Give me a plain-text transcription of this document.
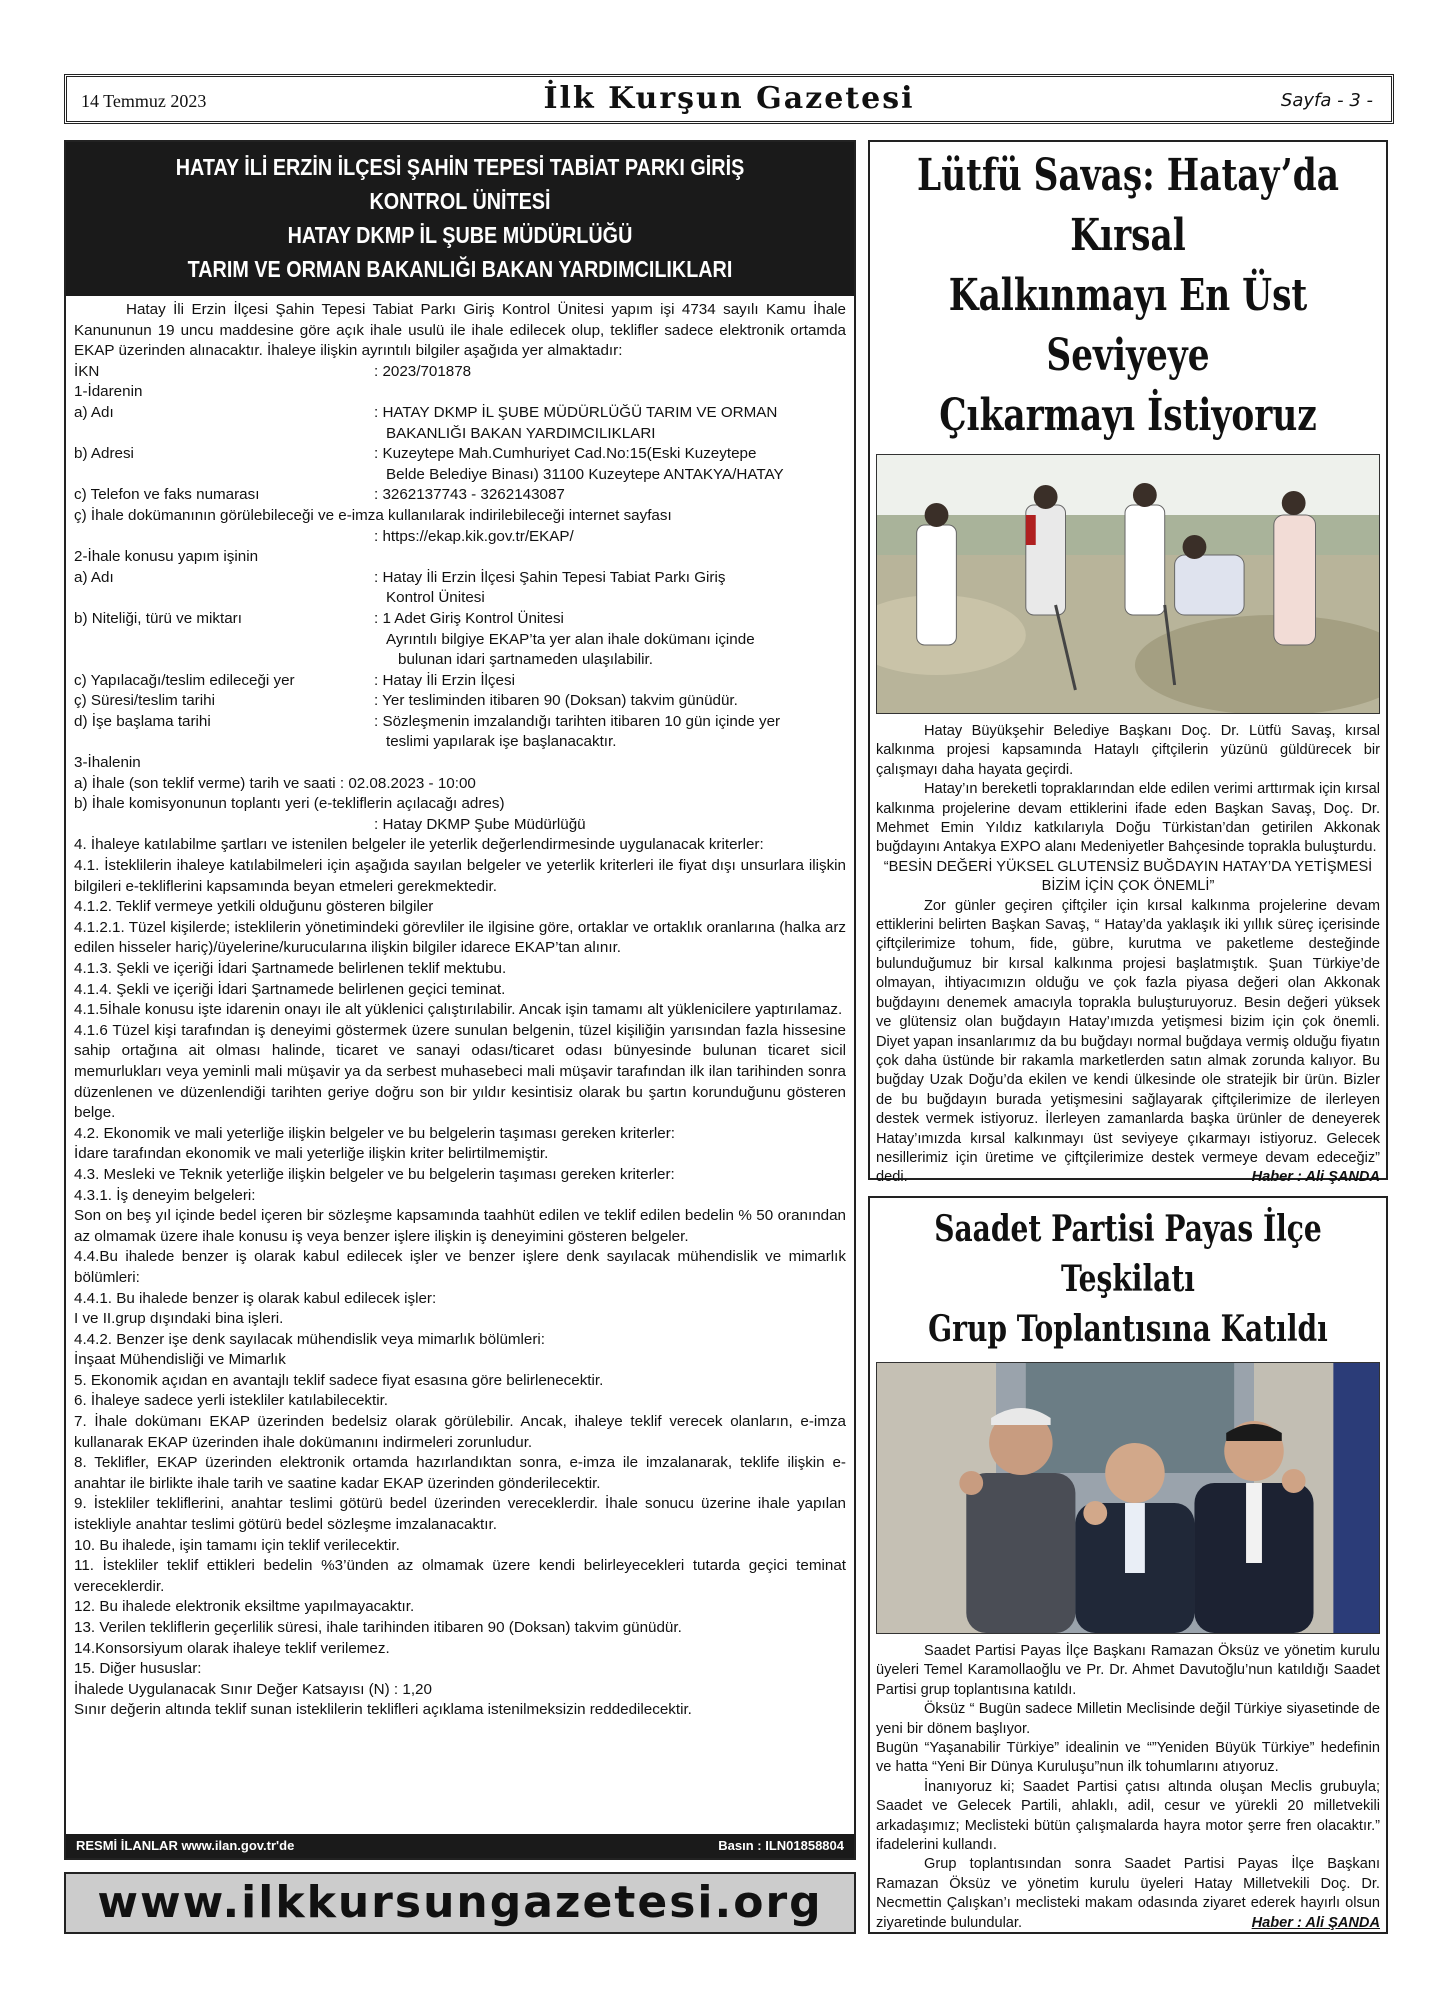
14 Temmuz 2023	İlk Kurşun Gazetesi	Sayfa - 3 -
HATAY İLİ ERZİN İLÇESİ ŞAHİN TEPESİ TABİAT PARKI GİRİŞ KONTROL ÜNİTESİ
HATAY DKMP İL ŞUBE MÜDÜRLÜĞÜ
TARIM VE ORMAN BAKANLIĞI BAKAN YARDIMCILIKLARI

Hatay İli Erzin İlçesi Şahin Tepesi Tabiat Parkı Giriş Kontrol Ünitesi yapım işi 4734 sayılı Kamu İhale Kanununun 19 uncu maddesine göre açık ihale usulü ile ihale edilecek olup, teklifler sadece elektronik ortamda EKAP üzerinden alınacaktır. İhaleye ilişkin ayrıntılı bilgiler aşağıda yer almaktadır:

İKN	: 2023/701878

1-İdarenin

a) Adı	: HATAY DKMP İL ŞUBE MÜDÜRLÜĞÜ TARIM VE ORMAN

BAKANLIĞI BAKAN YARDIMCILIKLARI

b) Adresi	: Kuzeytepe Mah.Cumhuriyet Cad.No:15(Eski Kuzeytepe

Belde Belediye Binası) 31100 Kuzeytepe ANTAKYA/HATAY

c) Telefon ve faks numarası	: 3262137743 - 3262143087

ç) İhale dokümanının görülebileceği ve e-imza kullanılarak indirilebileceği internet sayfası

: https://ekap.kik.gov.tr/EKAP/

2-İhale konusu yapım işinin

a) Adı	: Hatay İli Erzin İlçesi Şahin Tepesi Tabiat Parkı Giriş

Kontrol Ünitesi

b) Niteliği, türü ve miktarı	: 1 Adet Giriş Kontrol Ünitesi

Ayrıntılı bilgiye EKAP’ta yer alan ihale dokümanı içinde

bulunan idari şartnameden ulaşılabilir.

c) Yapılacağı/teslim edileceği yer	: Hatay İli Erzin İlçesi
ç) Süresi/teslim tarihi	: Yer tesliminden itibaren 90 (Doksan) takvim günüdür.
d) İşe başlama tarihi	: Sözleşmenin imzalandığı tarihten itibaren 10 gün içinde yer

teslimi yapılarak işe başlanacaktır.

3-İhalenin

a) İhale (son teklif verme) tarih ve saati : 02.08.2023 - 10:00

b) İhale komisyonunun toplantı yeri (e-tekliflerin açılacağı adres)

: Hatay DKMP Şube Müdürlüğü

4. İhaleye katılabilme şartları ve istenilen belgeler ile yeterlik değerlendirmesinde uygulanacak kriterler:

4.1. İsteklilerin ihaleye katılabilmeleri için aşağıda sayılan belgeler ve yeterlik kriterleri ile fiyat dışı unsurlara ilişkin bilgileri e-tekliflerini kapsamında beyan etmeleri gerekmektedir.

4.1.2. Teklif vermeye yetkili olduğunu gösteren bilgiler

4.1.2.1. Tüzel kişilerde; isteklilerin yönetimindeki görevliler ile ilgisine göre, ortaklar ve ortaklık oranlarına (halka arz edilen hisseler hariç)/üyelerine/kurucularına ilişkin bilgiler idarece EKAP’tan alınır.

4.1.3. Şekli ve içeriği İdari Şartnamede belirlenen teklif mektubu.

4.1.4. Şekli ve içeriği İdari Şartnamede belirlenen geçici teminat.

4.1.5İhale konusu işte idarenin onayı ile alt yüklenici çalıştırılabilir. Ancak işin tamamı alt yüklenicilere yaptırılamaz.

4.1.6 Tüzel kişi tarafından iş deneyimi göstermek üzere sunulan belgenin, tüzel kişiliğin yarısından fazla hissesine sahip ortağına ait olması halinde, ticaret ve sanayi odası/ticaret odası bünyesinde bulunan ticaret sicil memurlukları veya yeminli mali müşavir ya da serbest muhasebeci mali müşavir tarafından ilk ilan tarihinden sonra düzenlenen ve düzenlendiği tarihten geriye doğru son bir yıldır kesintisiz olarak bu şartın korunduğunu gösteren belge.

4.2. Ekonomik ve mali yeterliğe ilişkin belgeler ve bu belgelerin taşıması gereken kriterler:

İdare tarafından ekonomik ve mali yeterliğe ilişkin kriter belirtilmemiştir.

4.3. Mesleki ve Teknik yeterliğe ilişkin belgeler ve bu belgelerin taşıması gereken kriterler:

4.3.1. İş deneyim belgeleri:

Son on beş yıl içinde bedel içeren bir sözleşme kapsamında taahhüt edilen ve teklif edilen bedelin % 50 oranından az olmamak üzere ihale konusu iş veya benzer işlere ilişkin iş deneyimini gösteren belgeler.

4.4.Bu ihalede benzer iş olarak kabul edilecek işler ve benzer işlere denk sayılacak mühendislik ve mimarlık bölümleri:

4.4.1. Bu ihalede benzer iş olarak kabul edilecek işler:

I ve II.grup dışındaki bina işleri.

4.4.2. Benzer işe denk sayılacak mühendislik veya mimarlık bölümleri:

İnşaat Mühendisliği ve Mimarlık

5. Ekonomik açıdan en avantajlı teklif sadece fiyat esasına göre belirlenecektir.

6. İhaleye sadece yerli istekliler katılabilecektir.

7. İhale dokümanı EKAP üzerinden bedelsiz olarak görülebilir. Ancak, ihaleye teklif verecek olanların, e-imza kullanarak EKAP üzerinden ihale dokümanını indirmeleri zorunludur.

8. Teklifler, EKAP üzerinden elektronik ortamda hazırlandıktan sonra, e-imza ile imzalanarak, teklife ilişkin e-anahtar ile birlikte ihale tarih ve saatine kadar EKAP üzerinden gönderilecektir.

9. İstekliler tekliflerini, anahtar teslimi götürü bedel üzerinden vereceklerdir. İhale sonucu üzerine ihale yapılan istekliyle anahtar teslimi götürü bedel sözleşme imzalanacaktır.

10. Bu ihalede, işin tamamı için teklif verilecektir.

11. İstekliler teklif ettikleri bedelin %3’ünden az olmamak üzere kendi belirleyecekleri tutarda geçici teminat vereceklerdir.

12. Bu ihalede elektronik eksiltme yapılmayacaktır.

13. Verilen tekliflerin geçerlilik süresi, ihale tarihinden itibaren 90 (Doksan) takvim günüdür.

14.Konsorsiyum olarak ihaleye teklif verilemez.

15. Diğer hususlar:

İhalede Uygulanacak Sınır Değer Katsayısı (N) : 1,20

Sınır değerin altında teklif sunan isteklilerin teklifleri açıklama istenilmeksizin reddedilecektir.

RESMİ İLANLAR www.ilan.gov.tr'de	Basın : ILN01858804
www.ilkkursungazetesi.org
Lütfü Savaş: Hatay’da Kırsal
Kalkınmayı En Üst Seviyeye
Çıkarmayı İstiyoruz

Hatay Büyükşehir Belediye Başkanı Doç. Dr. Lütfü Savaş, kırsal kalkınma projesi kapsamında Hataylı çiftçilerin yüzünü güldürecek bir çalışmayı daha hayata geçirdi.

Hatay’ın bereketli topraklarından elde edilen verimi arttırmak için kırsal kalkınma projelerine devam ettiklerini ifade eden Başkan Savaş, Doç. Dr. Mehmet Emin Yıldız katkılarıyla Doğu Türkistan’dan getirilen Akkonak buğdayını Antakya EXPO alanı Medeniyetler Bahçesinde toprakla buluşturdu.

“BESİN DEĞERİ YÜKSEL GLUTENSİZ BUĞDAYIN HATAY’DA YETİŞMESİ BİZİM İÇİN ÇOK ÖNEMLİ”

Zor günler geçiren çiftçiler için kırsal kalkınma projelerine devam ettiklerini belirten Başkan Savaş, “ Hatay’da yaklaşık iki yıllık süreç içerisinde çiftçilerimize tohum, fide, gübre, kurutma ve paketleme desteğinde bulunduğumuz bir kırsal kalkınma projesi başlatmıştık. Şuan Türkiye’de olmayan, ihtiyacımızın olduğu ve çok fazla piyasa değeri olan Akkonak buğdayını denemek amacıyla toprakla buluşturuyoruz. Besin değeri yüksek ve glütensiz olan buğdayın Hatay’ımızda yetişmesi bizim için çok önemli. Diyet yapan insanlarımız da bu buğdayı normal buğdaya vermiş olduğu fiyatın çok daha üstünde bir rakamla marketlerden satın almak zorunda kalıyor. Bu buğday Uzak Doğu’da ekilen ve kendi ülkesinde ole stratejik bir ürün. Bizler de bu buğdayın burada yetişmesini sağlayarak çiftçilerimize de ilerleyen destek vermek istiyoruz. İlerleyen zamanlarda başka ürünler de deneyerek Hatay’ımızda kırsal kalkınmayı üst seviyeye çıkarmayı istiyoruz. Gelecek nesillerimiz için üretime ve çiftçilerimize destek vermeye devam edeceğiz” dedi.	Haber : Ali ŞANDA

Saadet Partisi Payas İlçe Teşkilatı
Grup Toplantısına Katıldı

Saadet Partisi Payas İlçe Başkanı Ramazan Öksüz ve yönetim kurulu üyeleri Temel Karamollaoğlu ve Pr. Dr. Ahmet Davutoğlu’nun katıldığı Saadet Partisi grup toplantısına katıldı.

Öksüz “ Bugün sadece Milletin Meclisinde değil Türkiye siyasetinde de yeni bir dönem başlıyor.

Bugün “Yaşanabilir Türkiye” idealinin ve “”Yeniden Büyük Türkiye” hedefinin ve hatta “Yeni Bir Dünya Kuruluşu”nun ilk tohumlarını atıyoruz.

İnanıyoruz ki; Saadet Partisi çatısı altında oluşan Meclis grubuyla; Saadet ve Gelecek Partili, ahlaklı, adil, cesur ve yürekli 20 milletvekili arkadaşımız; Meclisteki bütün çalışmalarda hayra motor şerre fren olacaktır.” ifadelerini kullandı.

Grup toplantısından sonra Saadet Partisi Payas İlçe Başkanı Ramazan Öksüz ve yönetim kurulu üyeleri Hatay Milletvekili Doç. Dr. Necmettin Çalışkan’ı meclisteki makam odasında ziyaret ederek hayırlı olsun ziyaretinde bulundular.	Haber : Ali ŞANDA
